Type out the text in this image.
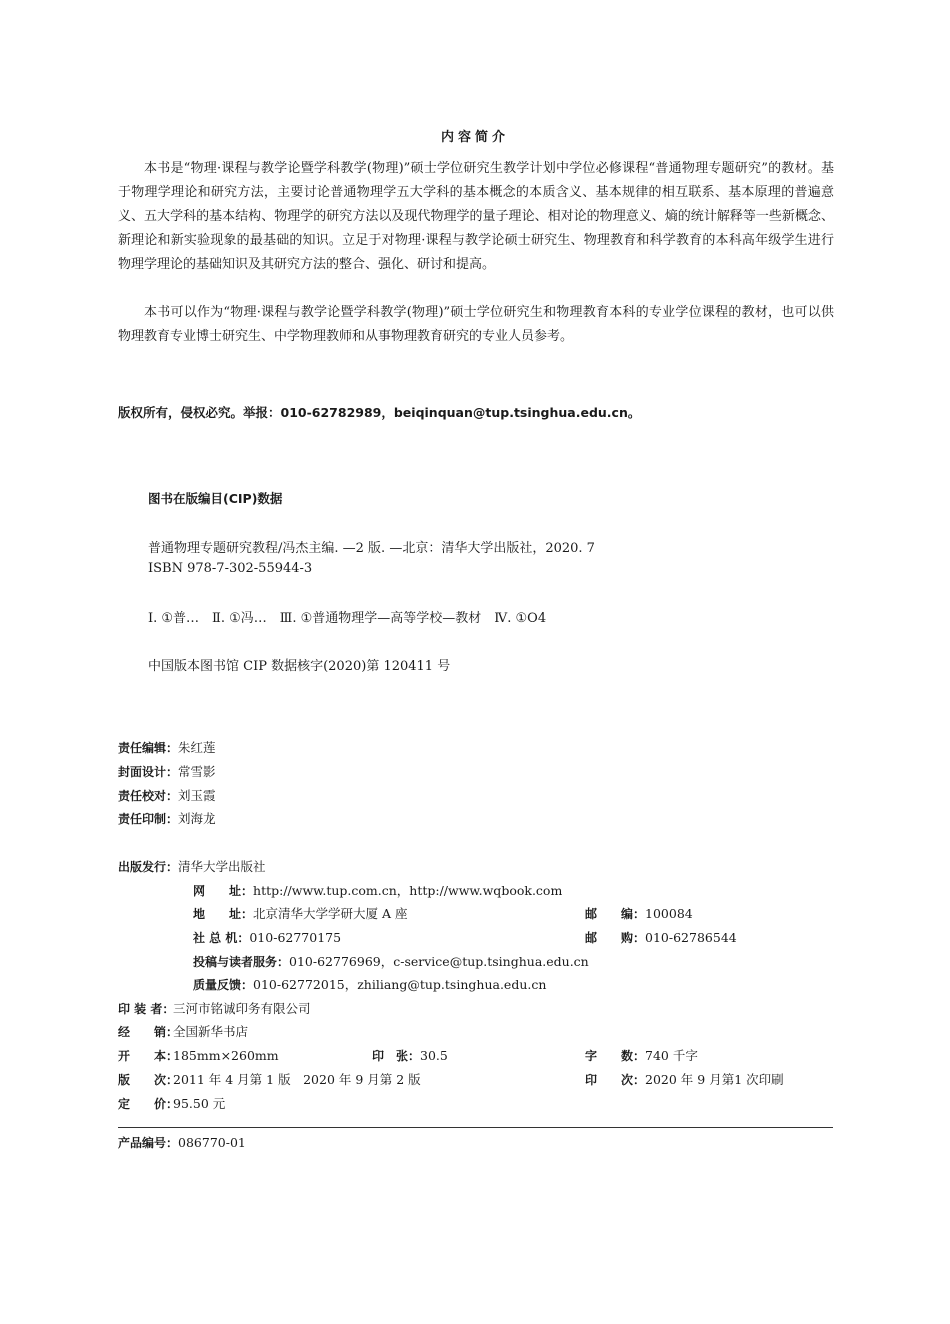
内容简介

本书是“物理·课程与教学论暨学科教学(物理)”硕士学位研究生教学计划中学位必修课程“普通物理专题研究”的教材。基于物理学理论和研究方法，主要讨论普通物理学五大学科的基本概念的本质含义、基本规律的相互联系、基本原理的普遍意义、五大学科的基本结构、物理学的研究方法以及现代物理学的量子理论、相对论的物理意义、熵的统计解释等一些新概念、新理论和新实验现象的最基础的知识。立足于对物理·课程与教学论硕士研究生、物理教育和科学教育的本科高年级学生进行物理学理论的基础知识及其研究方法的整合、强化、研讨和提高。

本书可以作为“物理·课程与教学论暨学科教学(物理)”硕士学位研究生和物理教育本科的专业学位课程的教材，也可以供物理教育专业博士研究生、中学物理教师和从事物理教育研究的专业人员参考。

版权所有，侵权必究。举报：010-62782989，beiqinquan@tup.tsinghua.edu.cn。
图书在版编目(CIP)数据
普通物理专题研究教程/冯杰主编. —2 版. —北京：清华大学出版社，2020. 7
ISBN 978-7-302-55944-3
Ⅰ. ①普…　Ⅱ. ①冯…　Ⅲ. ①普通物理学—高等学校—教材　Ⅳ. ①O4
中国版本图书馆 CIP 数据核字(2020)第 120411 号
责任编辑：朱红莲
封面设计：常雪影
责任校对：刘玉霞
责任印制：刘海龙
出版发行：清华大学出版社
网　　址：http://www.tup.com.cn，http://www.wqbook.com
地　　址：北京清华大学学研大厦 A 座	邮　　编：100084
社 总 机：010-62770175	邮　　购：010-62786544
投稿与读者服务：010-62776969，c-service@tup.tsinghua.edu.cn
质量反馈：010-62772015，zhiliang@tup.tsinghua.edu.cn
印 装 者：三河市铭诚印务有限公司
经　　销：全国新华书店
开　　本：185mm×260mm	印　张：30.5	字　　数：740 千字
版　　次：2011 年 4 月第 1 版　2020 年 9 月第 2 版	印　　次：2020 年 9 月第1 次印刷
定　　价：95.50 元
产品编号：086770-01
